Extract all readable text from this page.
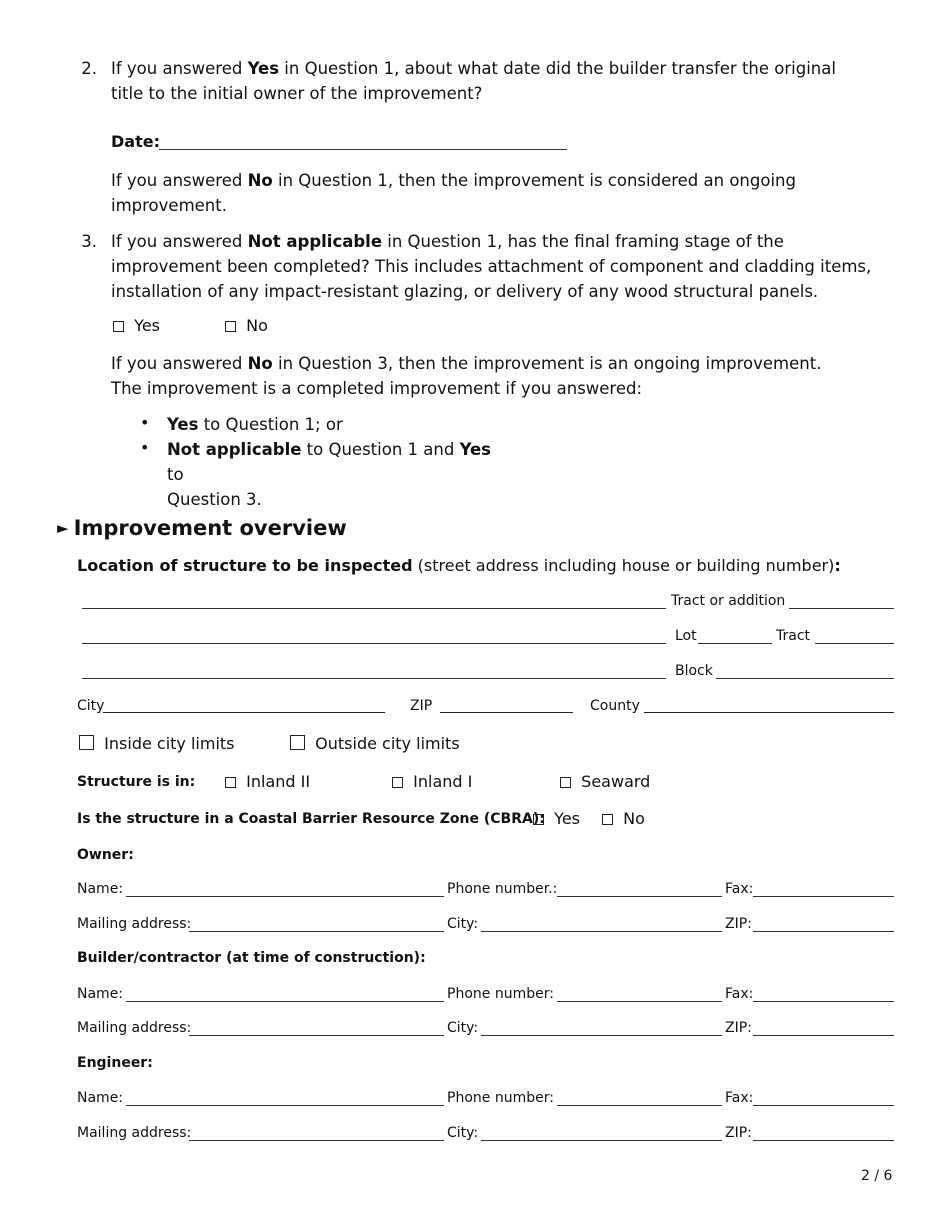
2. If you answered Yes in Question 1, about what date did the builder transfer the original title to the initial owner of the improvement?
Date:
If you answered No in Question 1, then the improvement is considered an ongoing improvement.
3. If you answered Not applicable in Question 1, has the final framing stage of the improvement been completed? This includes attachment of component and cladding items, installation of any impact-resistant glazing, or delivery of any wood structural panels.
Yes	No
If you answered No in Question 3, then the improvement is an ongoing improvement.
The improvement is a completed improvement if you answered:
• Yes to Question 1; or
• Not applicable to Question 1 and Yes to
Question 3.
► Improvement overview
Location of structure to be inspected (street address including house or building number):
Tract or addition
Lot	Tract
Block
City	ZIP	County
Inside city limits	Outside city limits
Structure is in:	Inland II	Inland I	Seaward
Is the structure in a Coastal Barrier Resource Zone (CBRA): Yes	No
Owner:
Name:	Phone number.:	Fax:
Mailing address:	City:	ZIP:
Builder/contractor (at time of construction):
Name:	Phone number:	Fax:
Mailing address:	City:	ZIP:
Engineer:
Name:	Phone number:	Fax:
Mailing address:	City:	ZIP:
2 / 6
